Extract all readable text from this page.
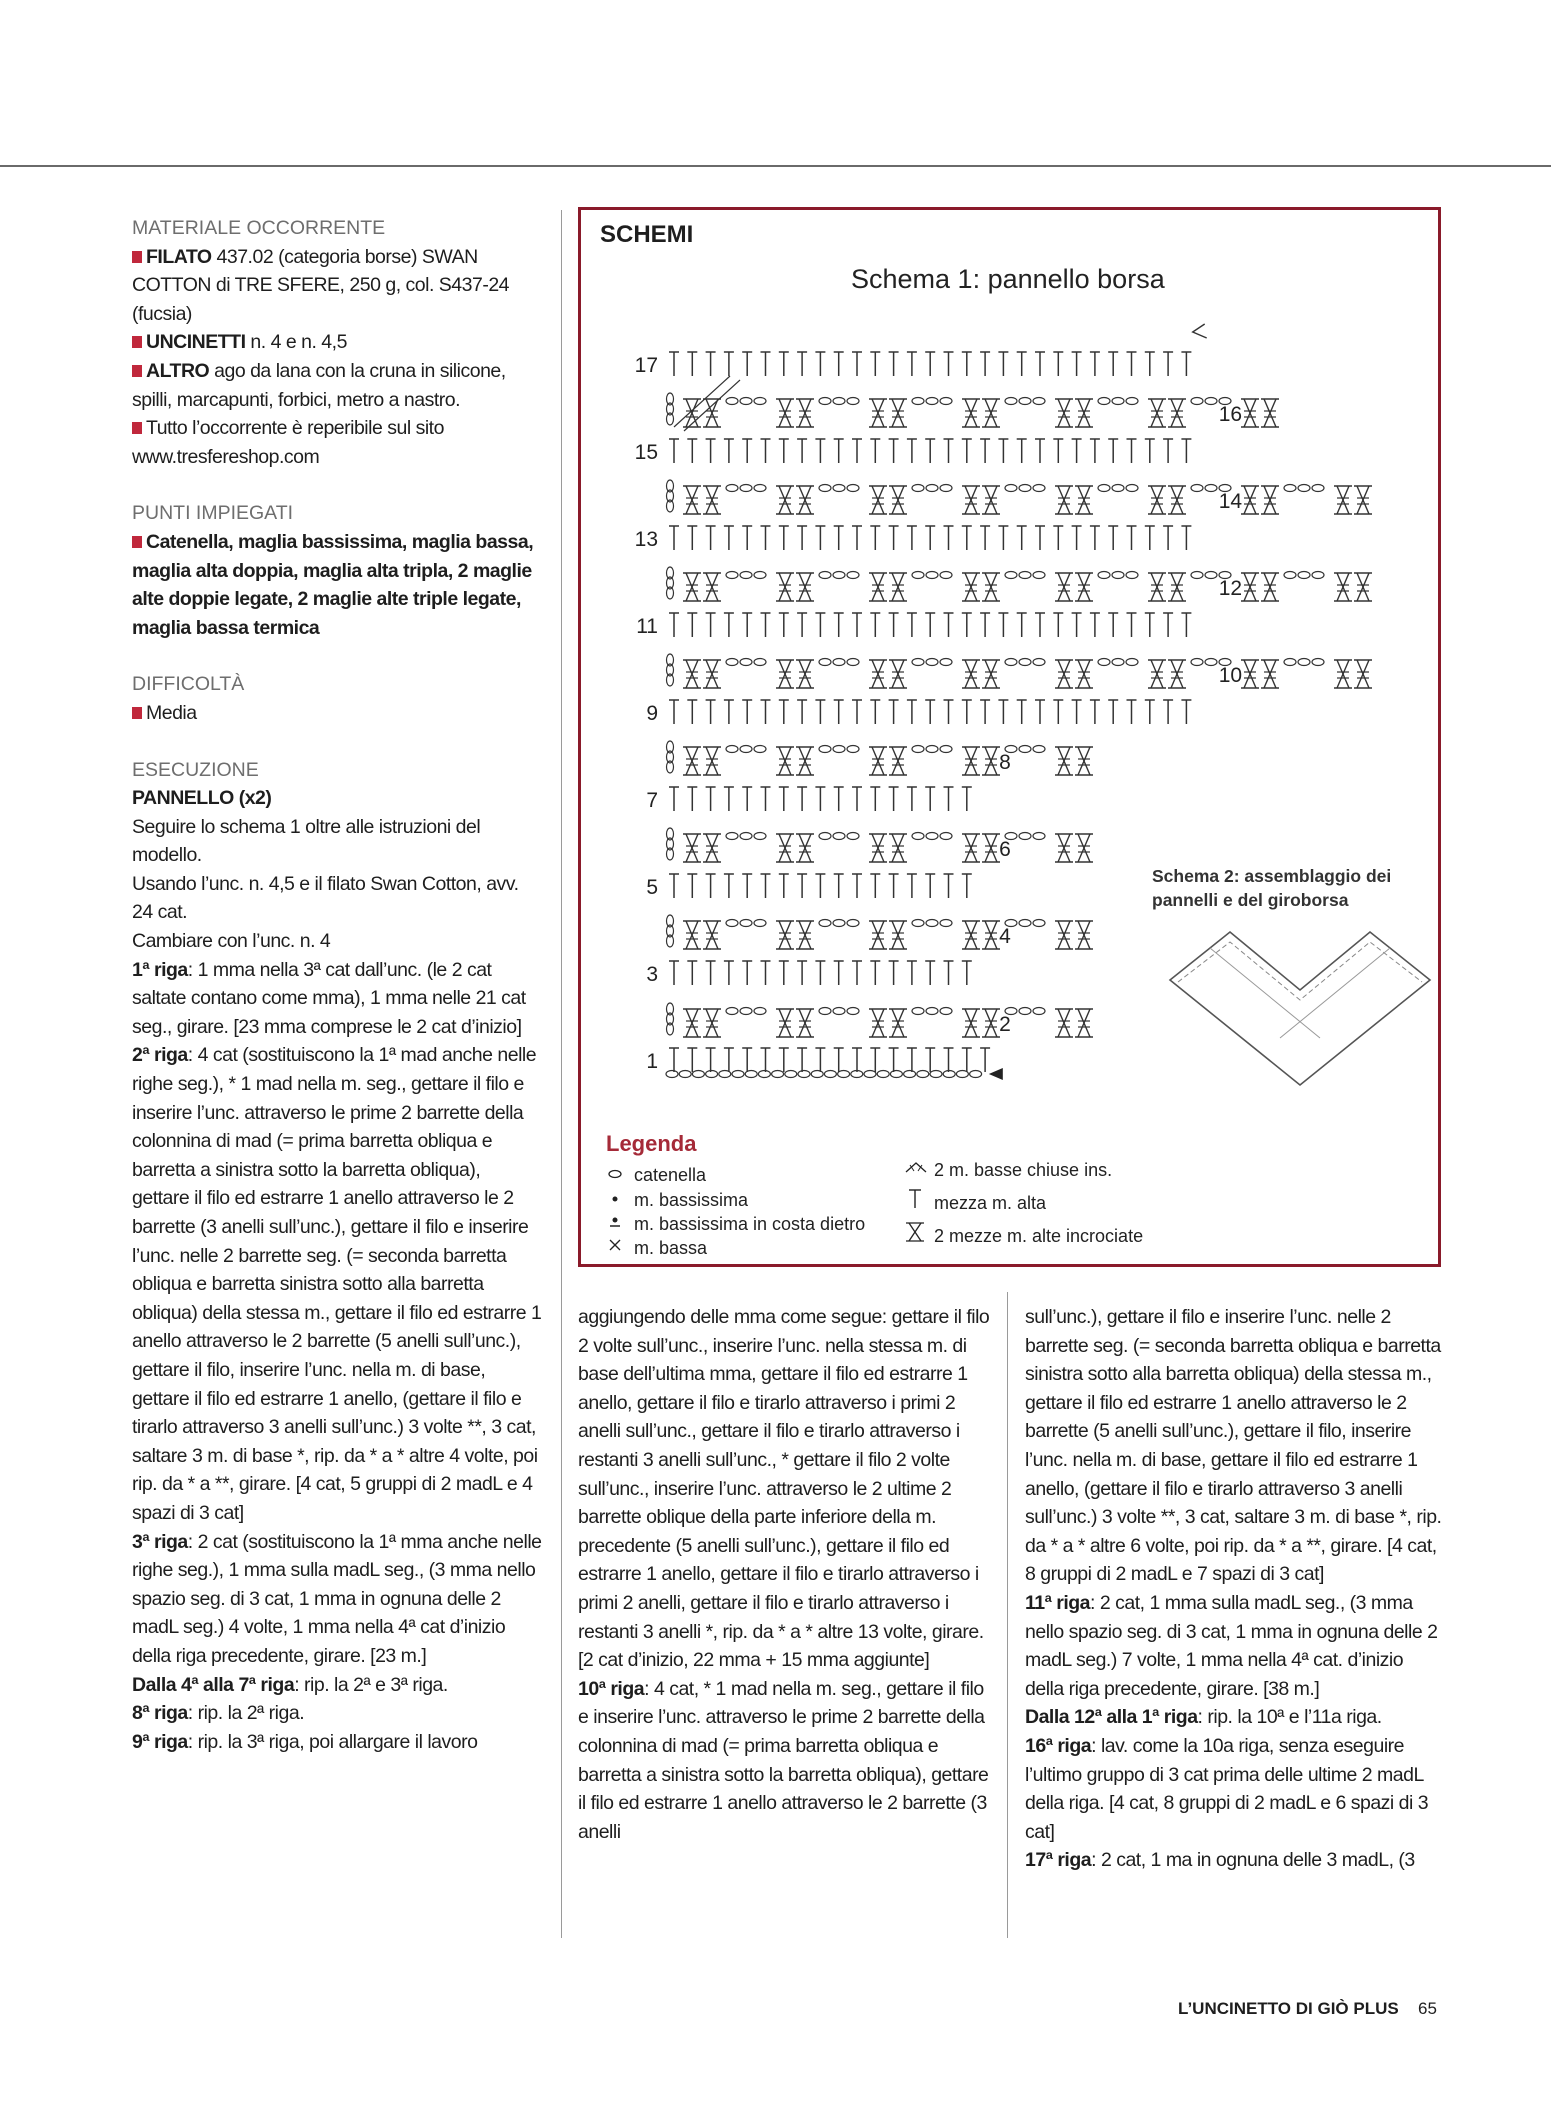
MATERIALE OCCORRENTE

FILATO 437.02 (categoria borse) SWAN COTTON di TRE SFERE, 250 g, col. S437-24 (fucsia)

UNCINETTI n. 4 e n. 4,5

ALTRO ago da lana con la cruna in silicone, spilli, marcapunti, forbici, metro a nastro.

Tutto l’occorrente è reperibile sul sito www.tresfereshop.com

PUNTI IMPIEGATI

Catenella, maglia bassissima, maglia bassa, maglia alta doppia, maglia alta tripla, 2 maglie alte doppie legate, 2 maglie alte triple legate, maglia bassa termica

DIFFICOLTÀ

Media

ESECUZIONE

PANNELLO (x2)

Seguire lo schema 1 oltre alle istruzioni del modello.

Usando l’unc. n. 4,5 e il filato Swan Cotton, avv. 24 cat.

Cambiare con l’unc. n. 4

1ª riga: 1 mma nella 3ª cat dall’unc. (le 2 cat saltate contano come mma), 1 mma nelle 21 cat seg., girare. [23 mma comprese le 2 cat d’inizio]

2ª riga: 4 cat (sostituiscono la 1ª mad anche nelle righe seg.), * 1 mad nella m. seg., gettare il filo e inserire l’unc. attraverso le prime 2 barrette della colonnina di mad (= prima barretta obliqua e barretta a sinistra sotto la barretta obliqua), gettare il filo ed estrarre 1 anello attraverso le 2 barrette (3 anelli sull’unc.), gettare il filo e inserire l’unc. nelle 2 barrette seg. (= seconda barretta obliqua e barretta sinistra sotto alla barretta obliqua) della stessa m., gettare il filo ed estrarre 1 anello attraverso le 2 barrette (5 anelli sull’unc.), gettare il filo, inserire l’unc. nella m. di base, gettare il filo ed estrarre 1 anello, (gettare il filo e tirarlo attraverso 3 anelli sull’unc.) 3 volte **, 3 cat, saltare 3 m. di base *, rip. da * a * altre 4 volte, poi rip. da * a **, girare. [4 cat, 5 gruppi di 2 madL e 4 spazi di 3 cat]

3ª riga: 2 cat (sostituiscono la 1ª mma anche nelle righe seg.), 1 mma sulla madL seg., (3 mma nello spazio seg. di 3 cat, 1 mma in ognuna delle 2 madL seg.) 4 volte, 1 mma nella 4ª cat d’inizio della riga precedente, girare. [23 m.]

Dalla 4ª alla 7ª riga: rip. la 2ª e 3ª riga.

8ª riga: rip. la 2ª riga.

9ª riga: rip. la 3ª riga, poi allargare il lavoro

SCHEMI
Schema 1: pannello borsa
17
15
13
11
9
7
5
3
1
16
14
12
10
8
6
4
2
Schema 2: assemblaggio dei pannelli e del giroborsa
Legenda
catenella
m. bassissima
m. bassissima in costa dietro
m. bassa
2 m. basse chiuse ins.
mezza m. alta
2 mezze m. alte incrociate

aggiungendo delle mma come segue: gettare il filo 2 volte sull’unc., inserire l’unc. nella stessa m. di base dell’ultima mma, gettare il filo ed estrarre 1 anello, gettare il filo e tirarlo attraverso i primi 2 anelli sull’unc., gettare il filo e tirarlo attraverso i restanti 3 anelli sull’unc., * gettare il filo 2 volte sull’unc., inserire l’unc. attraverso le 2 ultime 2 barrette oblique della parte inferiore della m. precedente (5 anelli sull’unc.), gettare il filo ed estrarre 1 anello, gettare il filo e tirarlo attraverso i primi 2 anelli, gettare il filo e tirarlo attraverso i restanti 3 anelli *, rip. da * a * altre 13 volte, girare. [2 cat d’inizio, 22 mma + 15 mma aggiunte]

10ª riga: 4 cat, * 1 mad nella m. seg., gettare il filo e inserire l’unc. attraverso le prime 2 barrette della colonnina di mad (= prima barretta obliqua e barretta a sinistra sotto la barretta obliqua), gettare il filo ed estrarre 1 anello attraverso le 2 barrette (3 anelli

sull’unc.), gettare il filo e inserire l’unc. nelle 2 barrette seg. (= seconda barretta obliqua e barretta sinistra sotto alla barretta obliqua) della stessa m., gettare il filo ed estrarre 1 anello attraverso le 2 barrette (5 anelli sull’unc.), gettare il filo, inserire l’unc. nella m. di base, gettare il filo ed estrarre 1 anello, (gettare il filo e tirarlo attraverso 3 anelli sull’unc.) 3 volte **, 3 cat, saltare 3 m. di base *, rip. da * a * altre 6 volte, poi rip. da * a **, girare. [4 cat, 8 gruppi di 2 madL e 7 spazi di 3 cat]

11ª riga: 2 cat, 1 mma sulla madL seg., (3 mma nello spazio seg. di 3 cat, 1 mma in ognuna delle 2 madL seg.) 7 volte, 1 mma nella 4ª cat. d’inizio della riga precedente, girare. [38 m.]

Dalla 12ª alla 1ª riga: rip. la 10ª e l’11a riga.

16ª riga: lav. come la 10a riga, senza eseguire l’ultimo gruppo di 3 cat prima delle ultime 2 madL della riga. [4 cat, 8 gruppi di 2 madL e 6 spazi di 3 cat]

17ª riga: 2 cat, 1 ma in ognuna delle 3 madL, (3

L’UNCINETTO DI GIÒ PLUS 65
